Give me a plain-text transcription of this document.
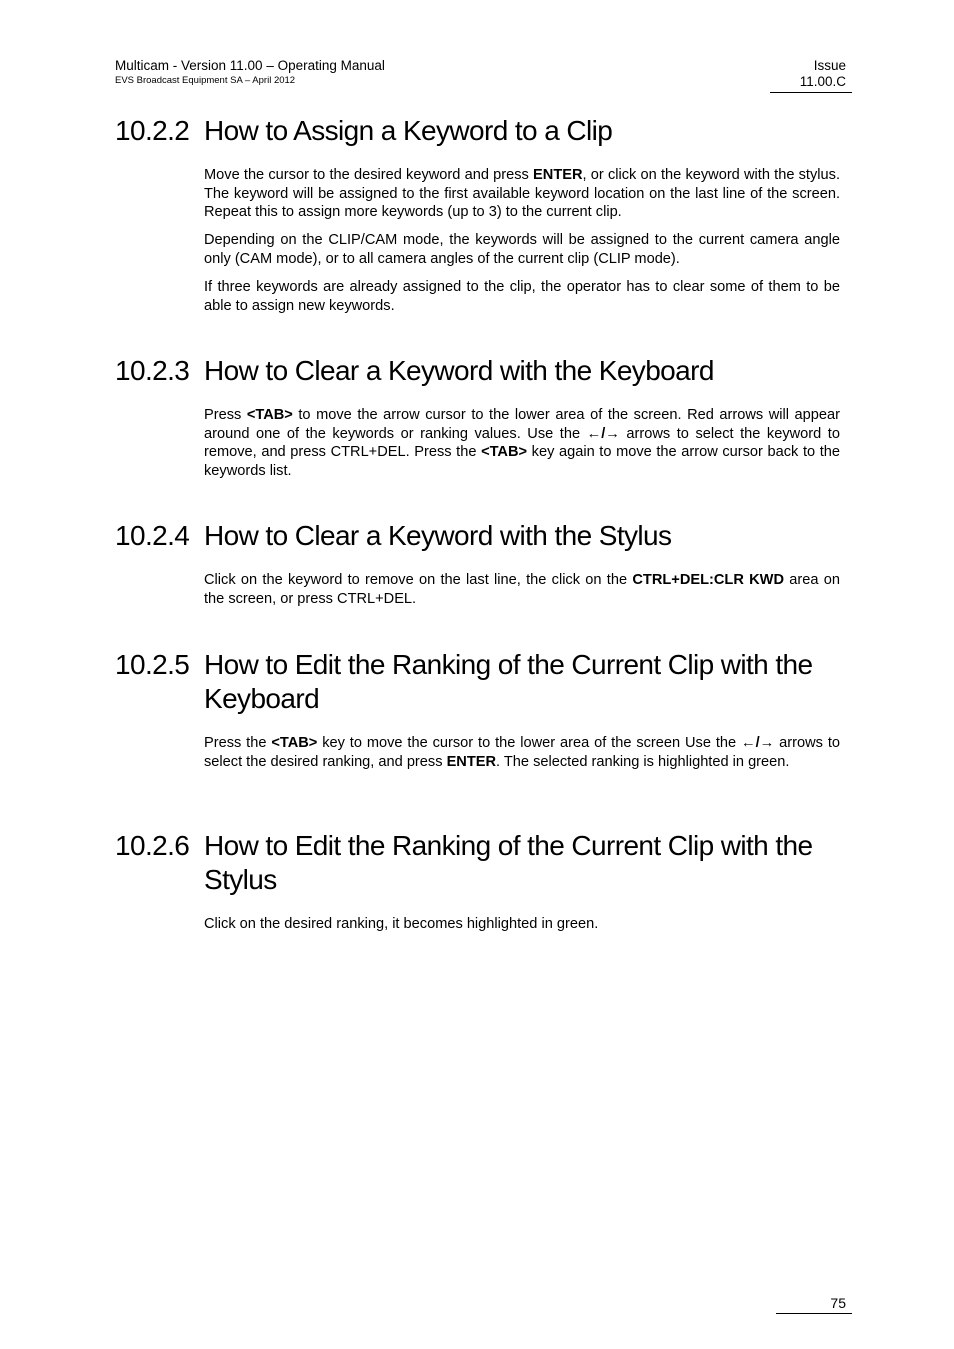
Multicam - Version 11.00 – Operating Manual
EVS Broadcast Equipment SA – April 2012
Issue
11.00.C
10.2.2 How to Assign a Keyword to a Clip

Move the cursor to the desired keyword and press ENTER, or click on the keyword with the stylus. The keyword will be assigned to the first available keyword location on the last line of the screen. Repeat this to assign more keywords (up to 3) to the current clip.

Depending on the CLIP/CAM mode, the keywords will be assigned to the current camera angle only (CAM mode), or to all camera angles of the current clip (CLIP mode).

If three keywords are already assigned to the clip, the operator has to clear some of them to be able to assign new keywords.

10.2.3 How to Clear a Keyword with the Keyboard

Press <TAB> to move the arrow cursor to the lower area of the screen. Red arrows will appear around one of the keywords or ranking values. Use the ←/→ arrows to select the keyword to remove, and press CTRL+DEL. Press the <TAB> key again to move the arrow cursor back to the keywords list.

10.2.4 How to Clear a Keyword with the Stylus

Click on the keyword to remove on the last line, the click on the CTRL+DEL:CLR KWD area on the screen, or press CTRL+DEL.

10.2.5 How to Edit the Ranking of the Current Clip with the Keyboard

Press the <TAB> key to move the cursor to the lower area of the screen Use the ←/→ arrows to select the desired ranking, and press ENTER. The selected ranking is highlighted in green.

10.2.6 How to Edit the Ranking of the Current Clip with the Stylus

Click on the desired ranking, it becomes highlighted in green.

75
